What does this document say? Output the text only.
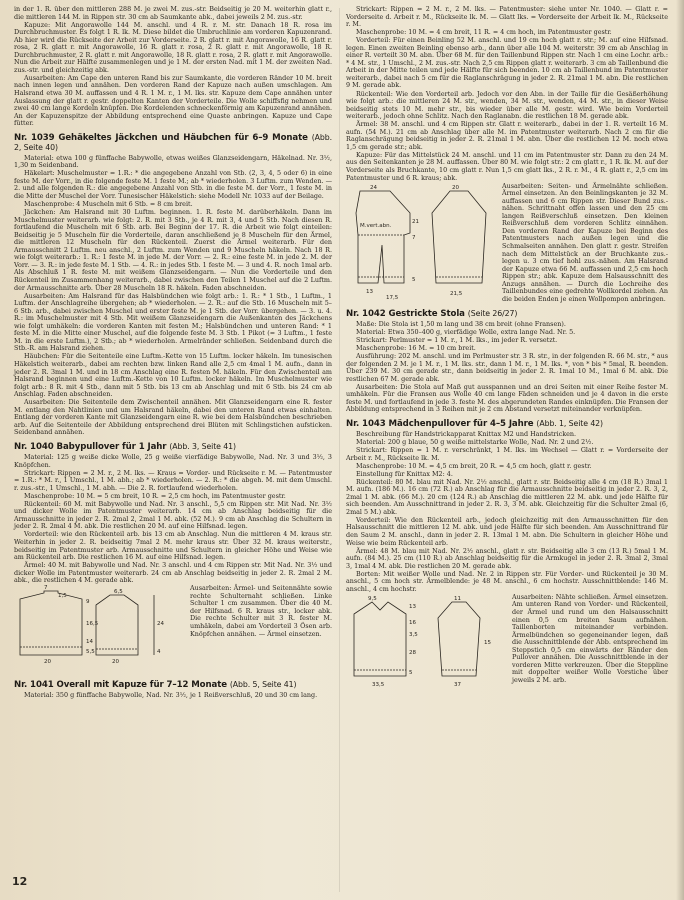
in der 1. R. über den mittleren 288 M. je zwei M. zus.-str. Beidseitig je 20 M. weiterhin glatt r., die mittleren 144 M. in Rippen str. 30 cm ab Saumkante abk., dabei jeweils 2 M. zus.-str.

Kapuze: Mit Angorawolle 144 M. anschl. und 4 R. r. M. str. Danach 18 R. rosa im Durchbruchmuster. Es folgt 1 R. lk. M. Diese bildet die Umbruchlinie am vorderen Kapuzenrand. Ab hier wird die Rückseite der Arbeit zur Vorderseite. 2 R. glatt r. mit Angorawolle, 16 R. glatt r. rosa, 2 R. glatt r. mit Angorawolle, 16 R. glatt r. rosa, 2 R. glatt r. mit Angorawolle, 18 R. Durchbruchmuster, 2 R. glatt r. mit Angorawolle, 18 R. glatt r. rosa, 2 R. glatt r. mit Angorawolle. Nun die Arbeit zur Hälfte zusammenlegen und je 1 M. der ersten Nad. mit 1 M. der zweiten Nad. zus.-str. und gleichzeitig abk.

Ausarbeiten: Am Cape den unteren Rand bis zur Saumkante, die vorderen Ränder 10 M. breit nach innen legen und annähen. Den vorderen Rand der Kapuze nach außen umschlagen. Am Halsrand etwa 30 M. auffassen und 4 R. 1 M. r., 1 M. lks. str. Kapuze dem Cape annähen unter Auslassung der glatt r. gestr. doppelten Kanten der Vorderteile. Die Wolle schiffsfig nehmen und zwei 40 cm lange Kordeln knüpfen. Die Kordelenden schneckenförmig am Kapuzenrand annähen. An der Kapuzenspitze der Abbildung entsprechend eine Quaste anbringen. Kapuze und Cape fütter.

Nr. 1039 Gehäkeltes Jäckchen und Häubchen für 6–9 Monate (Abb. 2, Seite 40)

Material: etwa 100 g fünffache Babywolle, etwas weißes Glanzseidengarn, Häkelnad. Nr. 3½, 1,30 m Seidenband.

Häkelart: Muschelmuster = 1.R.: * die angegebene Anzahl von Stb. (2, 3, 4, 5 oder 6) in eine feste M. der Vorr., in die folgende feste M. 1 feste M.; ab * wiederholen. 3 Luftm. zum Wenden. — 2. und alle folgenden R.: die angegebene Anzahl von Stb. in die feste M. der Vorr., 1 feste M. in die Mitte der Muschel der Vorr. Tunesischer Häkelstich: siehe Modell Nr. 1033 auf der Beilage.

Maschenprobe: 4 Muscheln mit 6 Stb. = 8 cm breit.

Jäckchen: Am Halsrand mit 30 Luftm. beginnen. 1. R. feste M. darüberhäkeln. Dann im Muschelmuster weiterarb. wie folgt: 2. R. mit 3 Stb., je 4 R. mit 3, 4 und 5 Stb. Nach diesen R. fortlaufend die Muscheln mit 6 Stb. arb. Bei Beginn der 17. R. die Arbeit wie folgt einteilen: Beidseitig je 5 Muscheln für die Vorderteile, daran anschließend je 8 Muscheln für den Ärmel, die mittleren 12 Muscheln für den Rückenteil. Zuerst die Ärmel weiterarb. Für den Armausschnitt 2 Luftm. neu anschl., 2 Luftm. zum Wenden und 9 Muscheln häkeln. Nach 18 R. wie folgt weiterarb.: 1. R.: 1 feste M. in jede M. der Vorr. — 2. R.: eine feste M. in jede 2. M. der Vorr. — 3. R.: in jede feste M. 1 Stb. — 4. R.: in jedes Stb. 1 feste M. — 3 und 4. R. noch 1mal arb. Als Abschluß 1 R. feste M. mit weißem Glanzseidengarn. — Nun die Vorderteile und den Rückenteil im Zusammenhang weiterarb., dabei zwischen den Teilen 1 Muschel auf die 2 Luftm. der Armausschnitte arb. Über 28 Muscheln 18 R. häkeln. Faden abschneiden.

Ausarbeiten: Am Halsrand für das Halsbündchen wie folgt arb.: 1. R.: * 1 Stb., 1 Luftm., 1 Luftm. der Anschlagreihe übergehen; ab * wiederholen. — 2. R.: auf die Stb. 16 Muscheln mit 5–6 Stb. arb., dabei zwischen Muschel und erster feste M. je 1 Stb. der Vorr. übergehen. — 3. u. 4. R.: im Muschelmuster mit 4 Stb. Mit weißem Glanzseidengarn die Außenkanten des Jäckchens wie folgt umhäkeln: die vorderen Kanten mit festen M.; Halsbündchen und unteren Rand: * 1 feste M. in die Mitte einer Muschel, auf die folgende feste M. 3 Stb. 1 Pikot (= 3 Luftm., 1 feste M. in die erste Luftm.), 2 Stb.; ab * wiederholen. Armelränder schließen. Seidenband durch die Stb.-R. am Halsrand ziehen.

Häubchen: Für die Seitenteile eine Luftm.-Kette von 15 Luftm. locker häkeln. Im tunesischen Häkelstich weiterarb., dabei am rechten bzw. linken Rand alle 2,5 cm 4mal 1 M. aufn., dann in jeder 2. R. 3mal 1 M. und in 18 cm Anschlag eine R. festen M. häkeln. Für den Zwischenteil am Halsrand beginnen und eine Luftm.-Kette von 10 Luftm. locker häkeln. Im Muschelmuster wie folgt arb.: 8 R. mit 4 Stb., dann mit 5 Stb. bis 13 cm ab Anschlag und mit 6 Stb. bis 24 cm ab Anschlag. Faden abschneiden.

Ausarbeiten: Die Seitenteile dem Zwischenteil annähen. Mit Glanzseidengarn eine R. fester M. entlang den Nahtlinien und um Halsrand häkeln, dabei den unteren Rand etwas einhalten. Entlang der vorderen Kante mit Glanzseidengarn eine R. wie bei dem Halsbündchen beschrieben arb. Auf die Seitenteile der Abbildung entsprechend drei Blüten mit Schlingstichen aufsticken. Seidenband annähen.

Nr. 1040 Babypullover für 1 Jahr (Abb. 3, Seite 41)

Material: 125 g weiße dicke Wolle, 25 g weiße vierfädige Babywolle, Nad. Nr. 3 und 3½, 3 Knöpfchen.

Strickart: Rippen = 2 M. r., 2 M. lks. — Kraus = Vorder- und Rückseite r. M. — Patentmuster = 1.R.: * M. r., 1 Umschl., 1 M. abh.; ab * wiederholen. — 2. R.: * die abgeh. M. mit dem Umschl. r. zus.-str., 1 Umschl., 1 M. abh. — Die 2. R. fortlaufend wiederholen.

Maschenprobe: 10 M. = 5 cm breit, 10 R. = 2,5 cm hoch, im Patentmuster gestr.

Rückenteil: 60 M. mit Babywolle und Nad. Nr. 3 anschl., 5,5 cm Rippen str. Mit Nad. Nr. 3½ und dicker Wolle im Patentmuster weiterarb. 14 cm ab Anschlag beidseitig für die Armausschnitte in jeder 2. R. 2mal 2, 2mal 1 M. abk. (52 M.). 9 cm ab Anschlag die Schultern in jeder 2. R. 2mal 4 M. abk. Die restlichen 20 M. auf eine Hilfsnad. legen.

Vorderteil: wie den Rückenteil arb. bis 13 cm ab Anschlag. Nun die mittleren 4 M. kraus str. Weiterhin in jeder 2. R. beidseitig 7mal 2 M. mehr kraus str. Über 32 M. kraus weiterstr., beidseitig im Patentmuster arb. Armausschnitte und Schultern in gleicher Höhe und Weise wie am Rückenteil arb. Die restlichen 16 M. auf eine Hilfsnad. legen.

Ärmel: 40 M. mit Babywolle und Nad. Nr. 3 anschl. und 4 cm Rippen str. Mit Nad. Nr. 3½ und dicker Wolle im Patentmuster weiterarb. 24 cm ab Anschlag beidseitig in jeder 2. R. 2mal 2 M. abk., die restlichen 4 M. gerade abk.

7
1,5
9
16,5
14
5,5
20
6,5
24
4
20

Ausarbeiten: Ärmel- und Seitennähte sowie rechte Schulternaht schließen. Linke Schulter 1 cm zusammen. Über die 40 M. der Hilfsnad. 6 R. kraus str., locker abk. Die rechte Schulter mit 3 R. fester M. umhäkeln, dabei am Vorderteil 3 Ösen arb. Knöpfchen annähen. — Ärmel einsetzen.

Nr. 1041 Overall mit Kapuze für 7–12 Monate (Abb. 5, Seite 41)

Material: 350 g fünffache Babywolle, Nad. Nr. 3½, je 1 Reißverschluß, 20 und 30 cm lang.

Strickart: Rippen = 2 M. r., 2 M. lks. — Patentmuster: siehe unter Nr. 1040. — Glatt r. = Vorderseite d. Arbeit r. M., Rückseite lk. M. — Glatt lks. = Vorderseite der Arbeit lk. M., Rückseite r. M.

Maschenprobe: 10 M. = 4 cm breit, 11 R. = 4 cm hoch, im Patentmuster gestr.

Vorderteil: Für einen Beinling 52 M. anschl. und 19 cm hoch glatt r. str.; M. auf eine Hilfsnad. legen. Einen zweiten Beinling ebenso arb., dann über alle 104 M. weiterstr. 39 cm ab Anschlag in einer R. verteilt 30 M. abn. Über 68 M. für den Taillenbund Rippen str. Nach 1 cm eine Lochr. arb.: * 4 M. str., 1 Umschl., 2 M. zus.-str. Nach 2,5 cm Rippen glatt r. weiterarb. 3 cm ab Taillenbund die Arbeit in der Mitte teilen und jede Hälfte für sich beenden. 10 cm ab Taillenbund im Patentmuster weiterarb., dabei nach 5 cm für die Raglanschrägung in jeder 2. R. 21mal 1 M. abn. Die restlichen 9 M. gerade abk.

Rückenteil: Wie den Vorderteil arb. Jedoch vor den Abn. in der Taille für die Gesäßerhöhung wie folgt arb.: die mittleren 24 M. str., wenden, 34 M. str., wenden, 44 M. str., in dieser Weise beidseitig stets 10 M. mehr str., bis wieder über alle M. gestr. wird. Wie beim Vorderteil weiterarb., jedoch ohne Schlitz. Nach den Raglanabn. die restlichen 18 M. gerade abk.

Ärmel: 38 M. anschl. und 4 cm Rippen str. Glatt r. weiterarb., dabei in der 1. R. verteilt 16 M. aufn. (54 M.). 21 cm ab Anschlag über alle M. im Patentmuster weiterarb. Nach 2 cm für die Raglanschrägung beidseitig in jeder 2. R. 21mal 1 M. abn. Über die restlichen 12 M. noch etwa 1,5 cm gerade str.; abk.

Kapuze: Für das Mittelstück 24 M. anschl. und 11 cm im Patentmuster str. Dann zu den 24 M. aus den Seitenkanten je 28 M. auffassen. Über 80 M. wie folgt str.: 2 cm glatt r., 1 R. lk. M. auf der Vorderseite als Bruchkante, 10 cm glatt r. Nun 1,5 cm glatt lks., 2 R. r. M., 4 R. glatt r., 2,5 cm im Patentmuster und 6 R. kraus; abk.

24
21
M.vert.abn.
7
5
13
17,5
20
21,5

Ausarbeiten: Seiten- und Ärmelnähte schließen. Ärmel einsetzen. An den Beinlingskanten je 32 M. auffassen und 6 cm Rippen str. Dieser Bund zus.-nähen. Schrittnaht offen lassen und den 25 cm langen Reißverschluß einsetzen. Den kleinen Reißverschluß dem vorderen Schlitz einnähen. Den vorderen Rand der Kapuze bei Beginn des Patentmusters nach außen legen und die Schmalseiten annähen. Den glatt r. gestr. Streifen nach dem Mittelstück an der Bruchkante zus.-legen u. 3 cm tief hohl zus.-nähen. Am Halsrand der Kapuze etwa 66 M. auffassen und 2,5 cm hoch Rippen str.; abk. Kapuze dem Halsausschnitt des Anzugs annähen. — Durch die Lochreihe des Taillenbundes eine gedrehte Wollkordel ziehen. An die beiden Enden je einen Wollpompon anbringen.

Nr. 1042 Gestrickte Stola (Seite 26/27)

Maße: Die Stola ist 1,50 m lang und 38 cm breit (ohne Fransen).

Material: Etwa 350–400 g, vierfädige Wolle, extra lange Nad. Nr. 5.

Strickart: Perlmuster = 1 M. r., 1 M. lks., im jeder R. versetzt.

Maschenprobe: 16 M. = 10 cm breit.

Ausführung: 202 M. anschl. und im Perlmuster str. 3 R. str., in der folgenden R. 66 M. str., * aus der folgenden 2 M. je 1 M. r., 1 M. lks. str., dann 1 M. r., 1 M. lks. *, von * bis * 5mal, R. beenden. Über 239 M. 30 cm gerade str., dann beidseitig in jeder 2. R. 1mal 10 M., 1mal 6 M. abk. Die restlichen 67 M. gerade abk.

Ausarbeiten: Die Stola auf Maß gut ausspannen und an drei Seiten mit einer Reihe fester M. umhäkeln. Für die Fransen aus Wolle 40 cm lange Fäden schneiden und je 4 davon in die erste feste M. und fortlaufend in jede 3. feste M. des abgerundeten Randes einknüpfen. Die Fransen der Abbildung entsprechend in 3 Reihen mit je 2 cm Abstand versetzt miteinander verknüpfen.

Nr. 1043 Mädchenpullover für 4–5 Jahre (Abb. 1, Seite 42)

Beschreibung für Handstrickapparat Knittax M2 und Handstricken.

Material: 200 g blaue, 50 g weiße mittelstarke Wolle, Nad. Nr. 2 und 2½.

Strickart: Rippen = 1 M. r. verschränkt, 1 M. lks. im Wechsel — Glatt r. = Vorderseite der Arbeit r. M., Rückseite lk. M.

Maschenprobe: 10 M. = 4,5 cm breit, 20 R. = 4,5 cm hoch, glatt r. gestr.

Einstellung für Knittax M2: 4.

Rückenteil: 80 M. blau mit Nad. Nr. 2½ anschl., glatt r. str. Beidseitig alle 4 cm (18 R.) 3mal 1 M. aufn. (186 M.). 16 cm (72 R.) ab Anschlag für die Armausschnitte beidseitig in jeder 2. R. 3, 2, 2mal 1 M. abk. (66 M.). 20 cm (124 R.) ab Anschlag die mittleren 22 M. abk. und jede Hälfte für sich beenden. Am Ausschnittrand in jeder 2. R. 3, 3 M. abk. Gleichzeitig für die Schulter 2mal (6, 2mal 5 M.) abk.

Vorderteil: Wie den Rückenteil arb., jedoch gleichzeitig mit den Armausschnitten für den Halsausschnitt die mittleren 12 M. abk. und jede Hälfte für sich beenden. Am Ausschnittrand für den Saum 2 M. anschl., dann in jeder 2. R. 13mal 1 M. abn. Die Schultern in gleicher Höhe und Weise wie beim Rückenteil arb.

Ärmel: 48 M. blau mit Nad. Nr. 2½ anschl., glatt r. str. Beidseitig alle 3 cm (13 R.) 5mal 1 M. aufn. (84 M.). 25 cm (110 R.) ab Anschlag beidseitig für die Armkugel in jeder 2. R. 3mal 2, 3mal 3, 1mal 4 M. abk. Die restlichen 20 M. gerade abk.

Borten: Mit weißer Wolle und Nad. Nr. 2 in Rippen str. Für Vorder- und Rückenteil je 30 M. anschl., 5 cm hoch str. Ärmelblende: je 48 M. anschl., 6 cm hochstr. Ausschnittblende: 146 M. anschl., 4 cm hochstr.

9,5
13
16
3,5
28
5
33,5
11
15
37

Ausarbeiten: Nähte schließen. Ärmel einsetzen. Am unteren Rand von Vorder- und Rückenteil, der Ärmel und rund um den Halsausschnitt einen 0,5 cm breiten Saum aufnähen. Taillenborten miteinander verbinden. Ärmelbündchen so gegeneinander legen, daß die Ausschnittblende der Abb. entsprechend im Steppstich 0,5 cm einwärts der Ränder den Pullover annähen. Die Ausschnittblende in der vorderen Mitte verkreuzen. Über die Steppline mit doppelter weißer Wolle Vorstiche über jeweils 2 M. arb.

12
